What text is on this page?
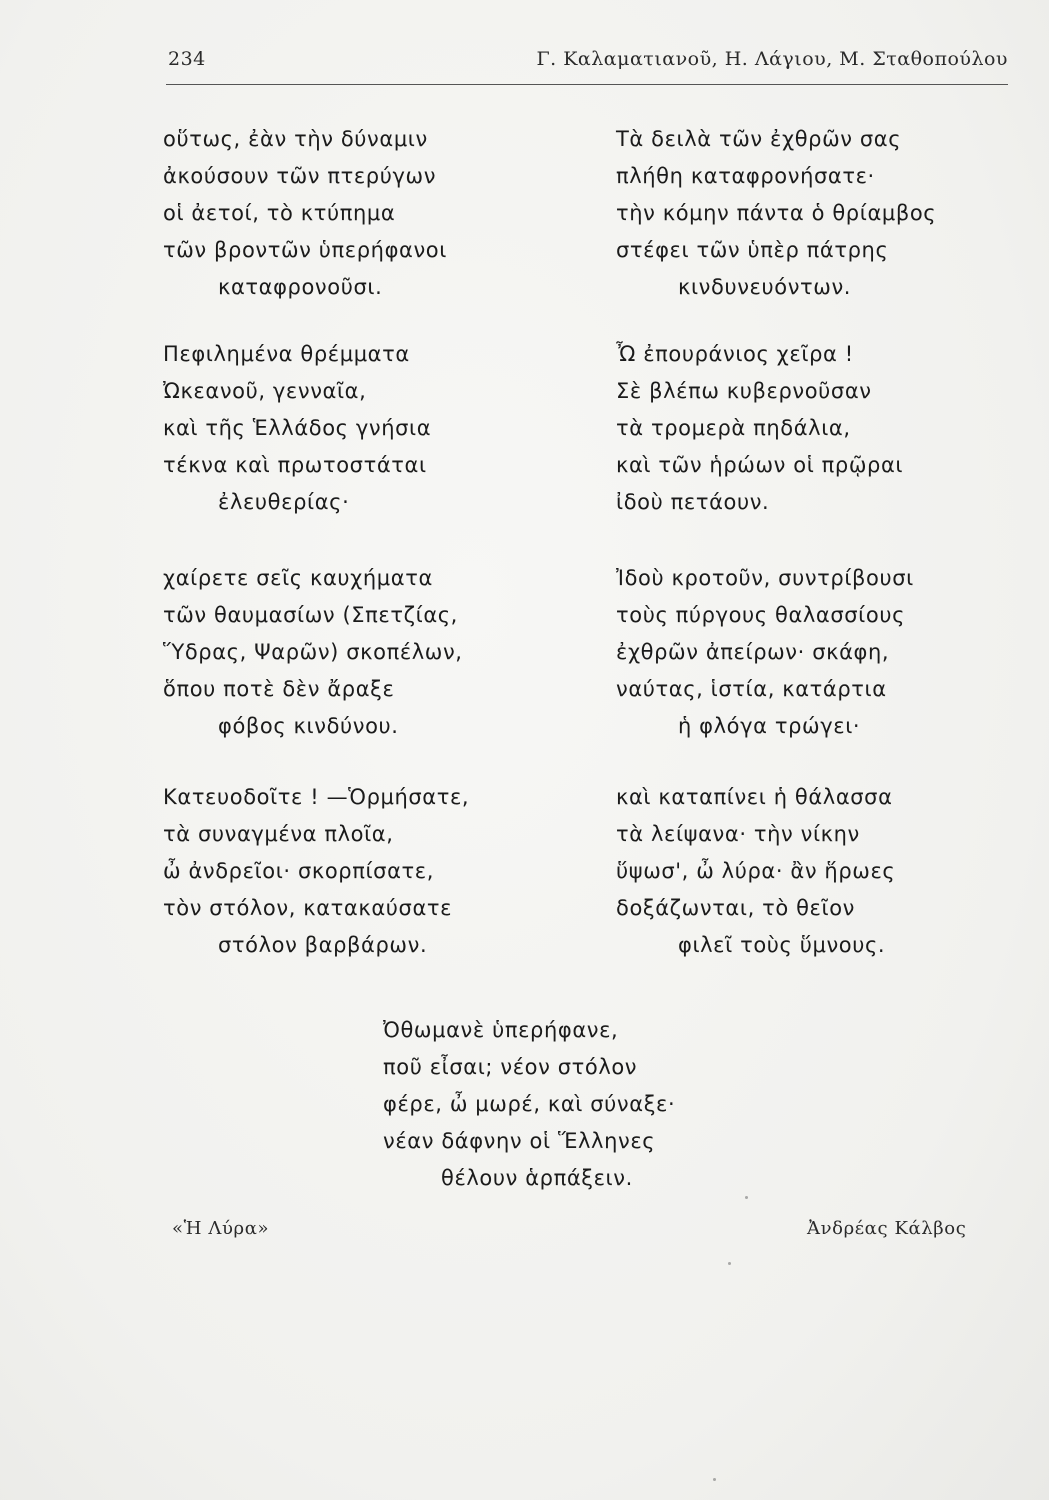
234	Γ. Καλαματιανοῦ, Η. Λάγιου, Μ. Σταθοπούλου
οὕτως, ἐὰν τὴν δύναμιν
ἀκούσουν τῶν πτερύγων
οἱ ἀετοί, τὸ κτύπημα
τῶν βροντῶν ὑπερήφανοι
καταφρονοῦσι.
Πεφιλημένα θρέμματα
Ὠκεανοῦ, γενναῖα,
καὶ τῆς Ἑλλάδος γνήσια
τέκνα καὶ πρωτοστάται
ἐλευθερίας·
χαίρετε σεῖς καυχήματα
τῶν θαυμασίων (Σπετζίας,
Ὕδρας, Ψαρῶν) σκοπέλων,
ὅπου ποτὲ δὲν ἄραξε
φόβος κινδύνου.
Κατευοδοῖτε ! —Ὁρμήσατε,
τὰ συναγμένα πλοῖα,
ὦ ἀνδρεῖοι· σκορπίσατε,
τὸν στόλον, κατακαύσατε
στόλον βαρβάρων.
Τὰ δειλὰ τῶν ἐχθρῶν σας
πλήθη καταφρονήσατε·
τὴν κόμην πάντα ὁ θρίαμβος
στέφει τῶν ὑπὲρ πάτρης
κινδυνευόντων.
Ὦ ἐπουράνιος χεῖρα !
Σὲ βλέπω κυβερνοῦσαν
τὰ τρομερὰ πηδάλια,
καὶ τῶν ἡρώων οἱ πρῷραι
ἰδοὺ πετάουν.
Ἰδοὺ κροτοῦν, συντρίβουσι
τοὺς πύργους θαλασσίους
ἐχθρῶν ἀπείρων· σκάφη,
ναύτας, ἱστία, κατάρτια
ἡ φλόγα τρώγει·
καὶ καταπίνει ἡ θάλασσα
τὰ λείψανα· τὴν νίκην
ὕψωσ', ὦ λύρα· ἂν ἥρωες
δοξάζωνται, τὸ θεῖον
φιλεῖ τοὺς ὕμνους.
Ὀθωμανὲ ὑπερήφανε,
ποῦ εἶσαι; νέον στόλον
φέρε, ὦ μωρέ, καὶ σύναξε·
νέαν δάφνην οἱ Ἕλληνες
θέλουν ἁρπάξειν.
«Ἡ Λύρα»	Ἀνδρέας Κάλβος
